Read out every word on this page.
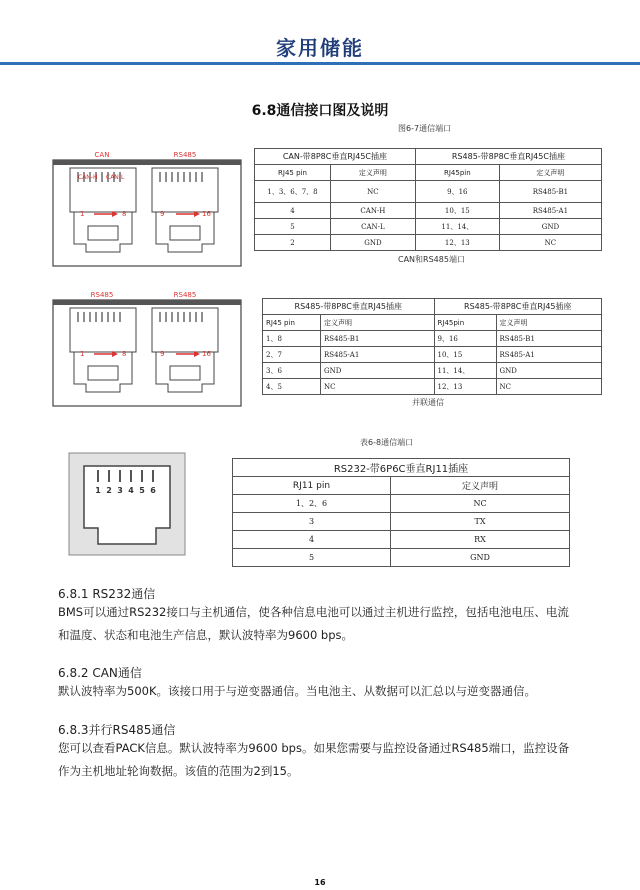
家用储能
6.8通信接口图及说明
图6-7通信端口
CAN	RS485
CAN-H CAN-L
1	8	9	16
CAN-带8P8C垂直RJ45C插座		RS485-带8P8C垂直RJ45C插座	
RJ45 pin	定义声明	RJ45pin	定义声明
1、3、6、7、8	NC	9、16	RS485-B1
4	CAN-H	10、15	RS485-A1
5	CAN-L	11、14、	GND
2	GND	12、13	NC
CAN和RS485端口
RS485	RS485
1	8	9	16
RS485-带8P8C垂直RJ45插座		RS485-带8P8C垂直RJ45插座	
RJ45 pin	定义声明	RJ45pin	定义声明
1、8	RS485-B1	9、16	RS485-B1
2、7	RS485-A1	10、15	RS485-A1
3、6	GND	11、14、	GND
4、5	NC	12、13	NC
并联通信
表6-8通信端口
1 2 3 4 5 6
RS232-带6P6C垂直RJ11插座	
RJ11 pin	定义声明
1、2、6	NC
3	TX
4	RX
5	GND
6.8.1 RS232通信
BMS可以通过RS232接口与主机通信，使各种信息电池可以通过主机进行监控，包括电池电压、电流
和温度、状态和电池生产信息，默认波特率为9600 bps。
6.8.2 CAN通信
默认波特率为500K。该接口用于与逆变器通信。当电池主、从数据可以汇总以与逆变器通信。
6.8.3并行RS485通信
您可以查看PACK信息。默认波特率为9600 bps。如果您需要与监控设备通过RS485端口，监控设备
作为主机地址轮询数据。该值的范围为2到15。
16
